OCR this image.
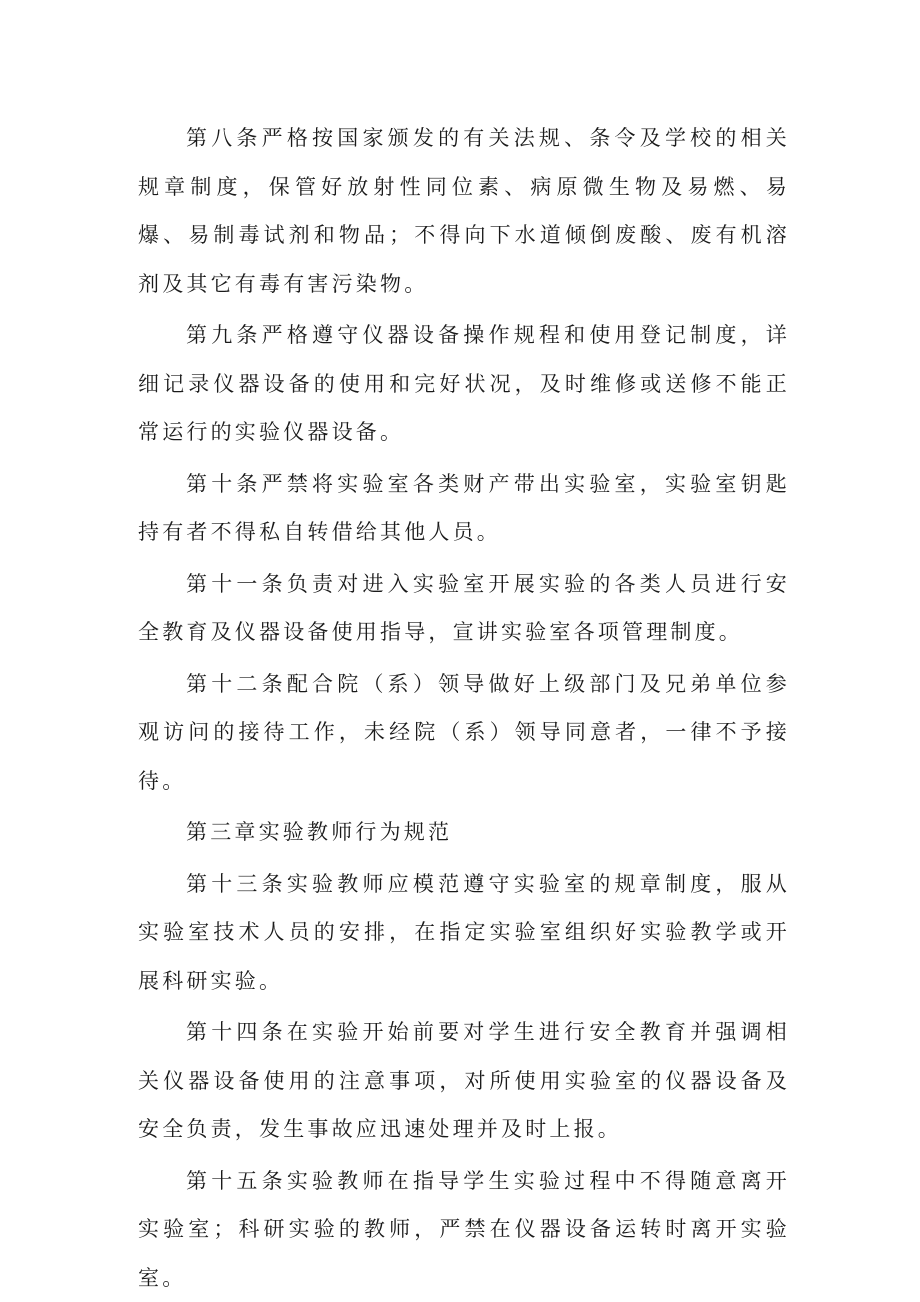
第八条严格按国家颁发的有关法规、条令及学校的相关规章制度，保管好放射性同位素、病原微生物及易燃、易爆、易制毒试剂和物品；不得向下水道倾倒废酸、废有机溶剂及其它有毒有害污染物。

第九条严格遵守仪器设备操作规程和使用登记制度，详细记录仪器设备的使用和完好状况，及时维修或送修不能正常运行的实验仪器设备。

第十条严禁将实验室各类财产带出实验室，实验室钥匙持有者不得私自转借给其他人员。

第十一条负责对进入实验室开展实验的各类人员进行安全教育及仪器设备使用指导，宣讲实验室各项管理制度。

第十二条配合院（系）领导做好上级部门及兄弟单位参观访问的接待工作，未经院（系）领导同意者，一律不予接待。

第三章实验教师行为规范

第十三条实验教师应模范遵守实验室的规章制度，服从实验室技术人员的安排，在指定实验室组织好实验教学或开展科研实验。

第十四条在实验开始前要对学生进行安全教育并强调相关仪器设备使用的注意事项，对所使用实验室的仪器设备及安全负责，发生事故应迅速处理并及时上报。

第十五条实验教师在指导学生实验过程中不得随意离开实验室；科研实验的教师，严禁在仪器设备运转时离开实验室。
